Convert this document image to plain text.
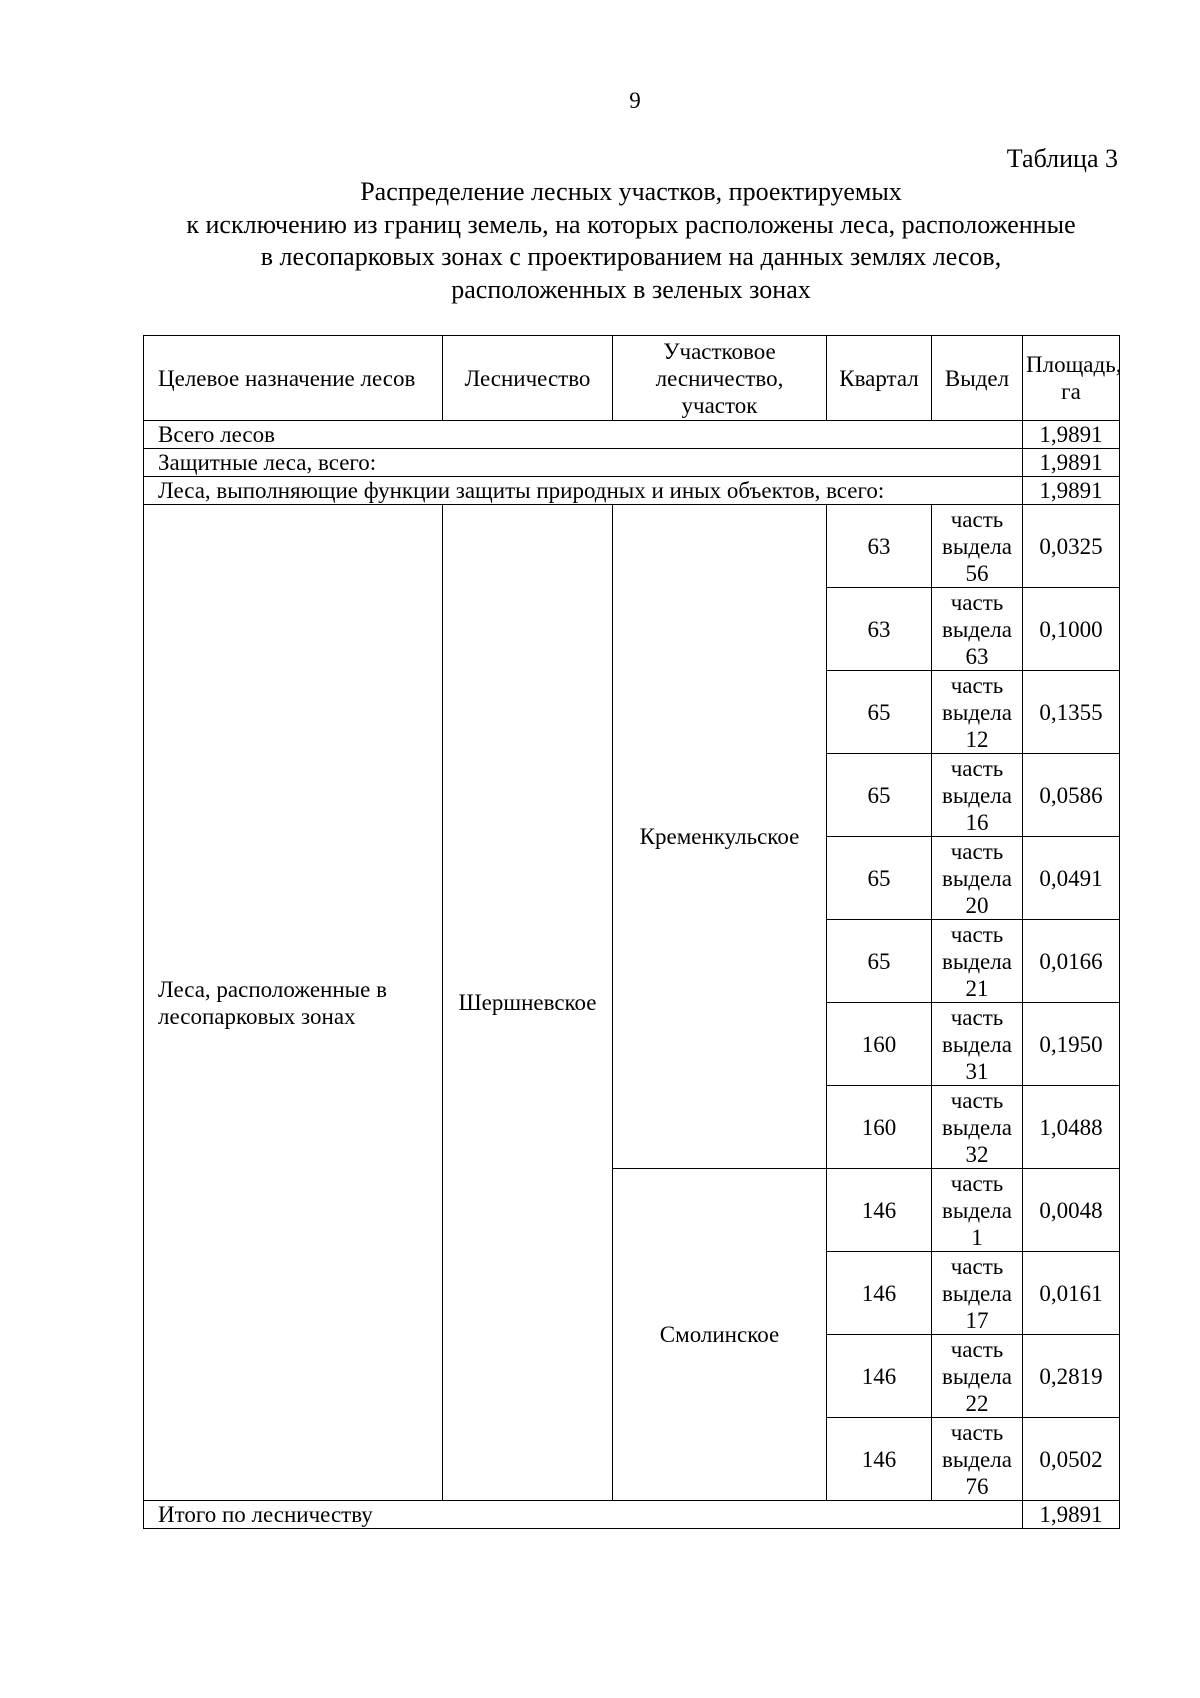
9
Таблица 3
Распределение лесных участков, проектируемых
к исключению из границ земель, на которых расположены леса, расположенные
в лесопарковых зонах с проектированием на данных землях лесов,
расположенных в зеленых зонах
Целевое назначение лесов	Лесничество	Участковое лесничество, участок	Квартал	Выдел	Площадь, га
Всего лесов					1,9891
Защитные леса, всего:					1,9891
Леса, выполняющие функции защиты природных и иных объектов, всего:					1,9891
Леса, расположенные в лесопарковых зонах	Шершневское	Кременкульское	63	часть выдела 56	0,0325
			63	часть выдела 63	0,1000
			65	часть выдела 12	0,1355
			65	часть выдела 16	0,0586
			65	часть выдела 20	0,0491
			65	часть выдела 21	0,0166
			160	часть выдела 31	0,1950
			160	часть выдела 32	1,0488
		Смолинское	146	часть выдела 1	0,0048
			146	часть выдела 17	0,0161
			146	часть выдела 22	0,2819
			146	часть выдела 76	0,0502
Итого по лесничеству					1,9891
